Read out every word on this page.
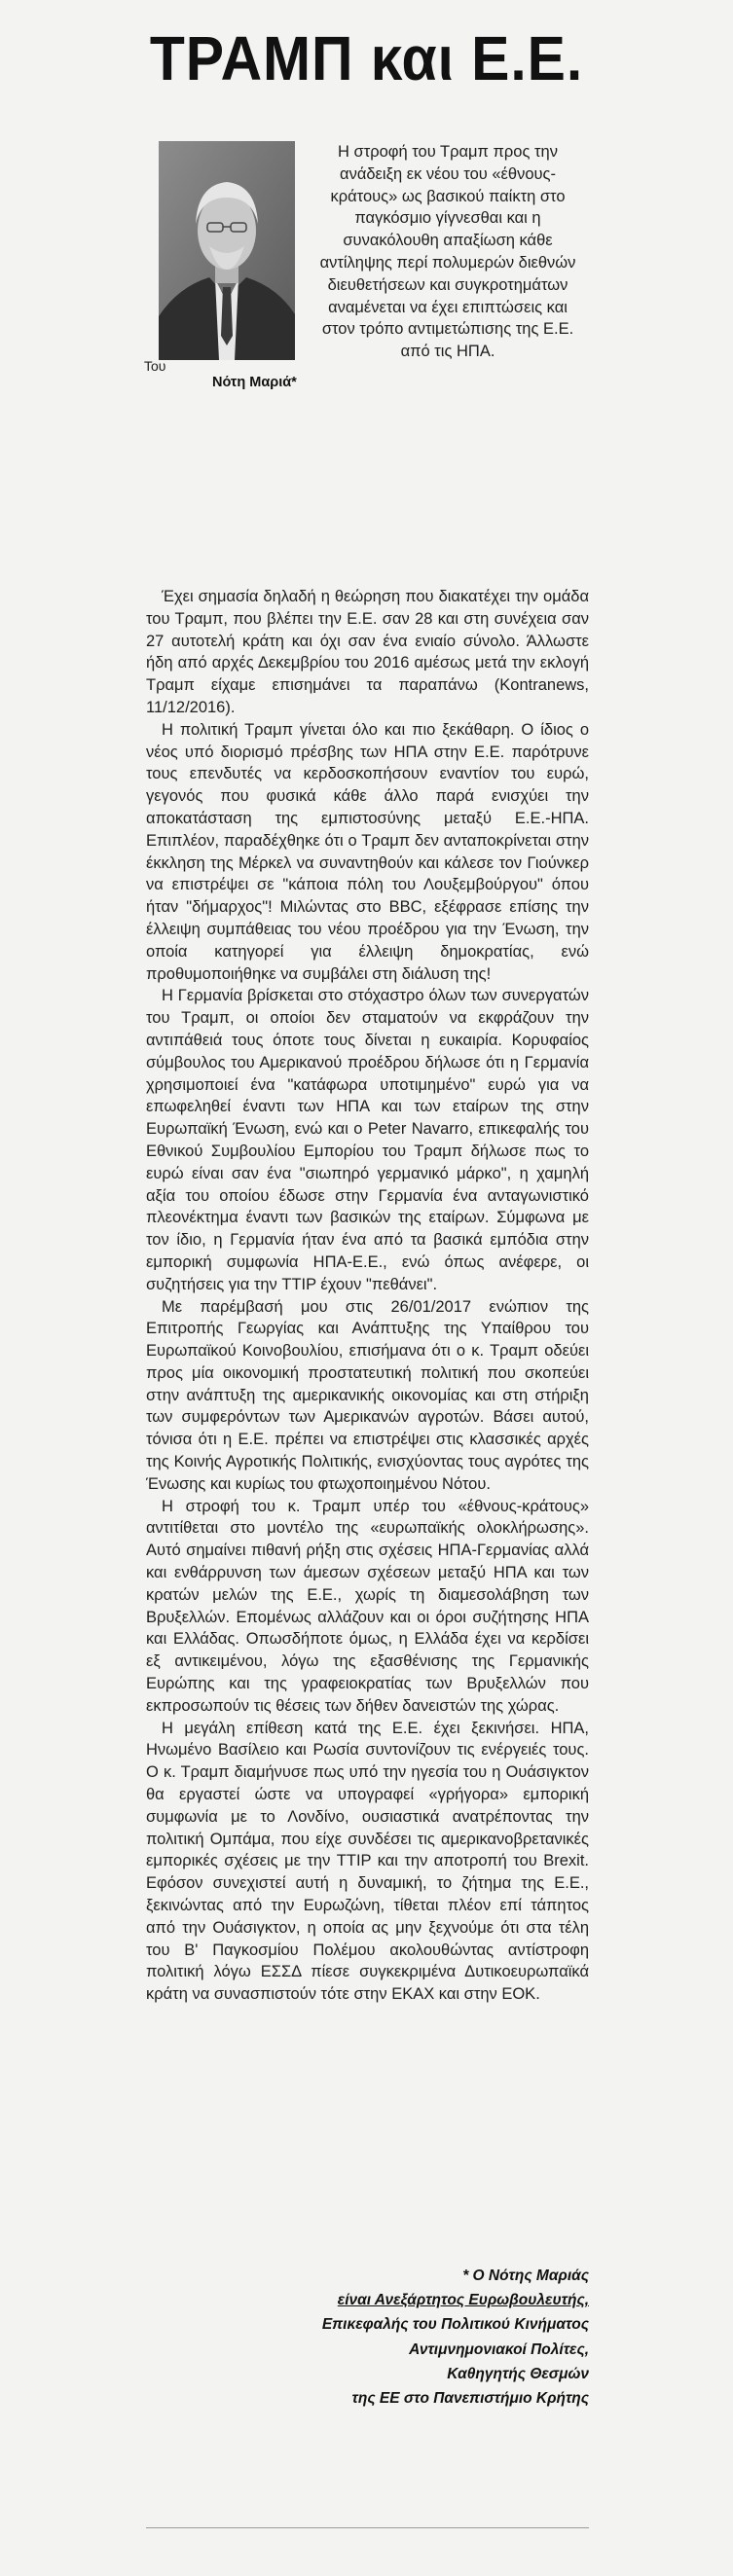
ΤΡΑΜΠ και Ε.Ε.
Του
Νότη Μαριά*
Η στροφή του Τραμπ προς την ανάδειξη εκ νέου του «έθνους-κράτους» ως βασικού παίκτη στο παγκόσμιο γίγνεσθαι και η συνακόλουθη απαξίωση κάθε αντίληψης περί πολυμερών διεθνών διευθετήσεων και συγκροτημάτων αναμένεται να έχει επιπτώσεις και στον τρόπο αντιμετώπισης της Ε.Ε. από τις ΗΠΑ.

Έχει σημασία δηλαδή η θεώρηση που διακατέχει την ομάδα του Τραμπ, που βλέπει την Ε.Ε. σαν 28 και στη συνέχεια σαν 27 αυτοτελή κράτη και όχι σαν ένα ενιαίο σύνολο. Άλλωστε ήδη από αρχές Δεκεμβρίου του 2016 αμέσως μετά την εκλογή Τραμπ είχαμε επισημάνει τα παραπάνω (Kontranews, 11/12/2016).

Η πολιτική Τραμπ γίνεται όλο και πιο ξεκάθαρη. Ο ίδιος ο νέος υπό διορισμό πρέσβης των ΗΠΑ στην Ε.Ε. παρότρυνε τους επενδυτές να κερδοσκοπήσουν εναντίον του ευρώ, γεγονός που φυσικά κάθε άλλο παρά ενισχύει την αποκατάσταση της εμπιστοσύνης μεταξύ Ε.Ε.-ΗΠΑ. Επιπλέον, παραδέχθηκε ότι ο Τραμπ δεν ανταποκρίνεται στην έκκληση της Μέρκελ να συναντηθούν και κάλεσε τον Γιούνκερ να επιστρέψει σε "κάποια πόλη του Λουξεμβούργου" όπου ήταν "δήμαρχος"! Μιλώντας στο BBC, εξέφρασε επίσης την έλλειψη συμπάθειας του νέου προέδρου για την Ένωση, την οποία κατηγορεί για έλλειψη δημοκρατίας, ενώ προθυμοποιήθηκε να συμβάλει στη διάλυση της!

Η Γερμανία βρίσκεται στο στόχαστρο όλων των συνεργατών του Τραμπ, οι οποίοι δεν σταματούν να εκφράζουν την αντιπάθειά τους όποτε τους δίνεται η ευκαιρία. Κορυφαίος σύμβουλος του Αμερικανού προέδρου δήλωσε ότι η Γερμανία χρησιμοποιεί ένα "κατάφωρα υποτιμημένο" ευρώ για να επωφεληθεί έναντι των ΗΠΑ και των εταίρων της στην Ευρωπαϊκή Ένωση, ενώ και ο Peter Navarro, επικεφαλής του Εθνικού Συμβουλίου Εμπορίου του Τραμπ δήλωσε πως το ευρώ είναι σαν ένα "σιωπηρό γερμανικό μάρκο", η χαμηλή αξία του οποίου έδωσε στην Γερμανία ένα ανταγωνιστικό πλεονέκτημα έναντι των βασικών της εταίρων. Σύμφωνα με τον ίδιο, η Γερμανία ήταν ένα από τα βασικά εμπόδια στην εμπορική συμφωνία ΗΠΑ-Ε.Ε., ενώ όπως ανέφερε, οι συζητήσεις για την TTIP έχουν "πεθάνει".

Με παρέμβασή μου στις 26/01/2017 ενώπιον της Επιτροπής Γεωργίας και Ανάπτυξης της Υπαίθρου του Ευρωπαϊκού Κοινοβουλίου, επισήμανα ότι ο κ. Τραμπ οδεύει προς μία οικονομική προστατευτική πολιτική που σκοπεύει στην ανάπτυξη της αμερικανικής οικονομίας και στη στήριξη των συμφερόντων των Αμερικανών αγροτών. Βάσει αυτού, τόνισα ότι η Ε.Ε. πρέπει να επιστρέψει στις κλασσικές αρχές της Κοινής Αγροτικής Πολιτικής, ενισχύοντας τους αγρότες της Ένωσης και κυρίως του φτωχοποιημένου Νότου.

Η στροφή του κ. Τραμπ υπέρ του «έθνους-κράτους» αντιτίθεται στο μοντέλο της «ευρωπαϊκής ολοκλήρωσης». Αυτό σημαίνει πιθανή ρήξη στις σχέσεις ΗΠΑ-Γερμανίας αλλά και ενθάρρυνση των άμεσων σχέσεων μεταξύ ΗΠΑ και των κρατών μελών της Ε.Ε., χωρίς τη διαμεσολάβηση των Βρυξελλών. Επομένως αλλάζουν και οι όροι συζήτησης ΗΠΑ και Ελλάδας. Οπωσδήποτε όμως, η Ελλάδα έχει να κερδίσει εξ αντικειμένου, λόγω της εξασθένισης της Γερμανικής Ευρώπης και της γραφειοκρατίας των Βρυξελλών που εκπροσωπούν τις θέσεις των δήθεν δανειστών της χώρας.

Η μεγάλη επίθεση κατά της Ε.Ε. έχει ξεκινήσει. ΗΠΑ, Ηνωμένο Βασίλειο και Ρωσία συντονίζουν τις ενέργειές τους. Ο κ. Τραμπ διαμήνυσε πως υπό την ηγεσία του η Ουάσιγκτον θα εργαστεί ώστε να υπογραφεί «γρήγορα» εμπορική συμφωνία με το Λονδίνο, ουσιαστικά ανατρέποντας την πολιτική Ομπάμα, που είχε συνδέσει τις αμερικανοβρετανικές εμπορικές σχέσεις με την TTIP και την αποτροπή του Brexit. Εφόσον συνεχιστεί αυτή η δυναμική, το ζήτημα της Ε.Ε., ξεκινώντας από την Ευρωζώνη, τίθεται πλέον επί τάπητος από την Ουάσιγκτον, η οποία ας μην ξεχνούμε ότι στα τέλη του Β' Παγκοσμίου Πολέμου ακολουθώντας αντίστροφη πολιτική λόγω ΕΣΣΔ πίεσε συγκεκριμένα Δυτικοευρωπαϊκά κράτη να συνασπιστούν τότε στην ΕΚΑΧ και στην ΕΟΚ.

* Ο Νότης Μαριάς
είναι Ανεξάρτητος Ευρωβουλευτής,
Επικεφαλής του Πολιτικού Κινήματος
Αντιμνημονιακοί Πολίτες,
Καθηγητής Θεσμών
της ΕΕ στο Πανεπιστήμιο Κρήτης
